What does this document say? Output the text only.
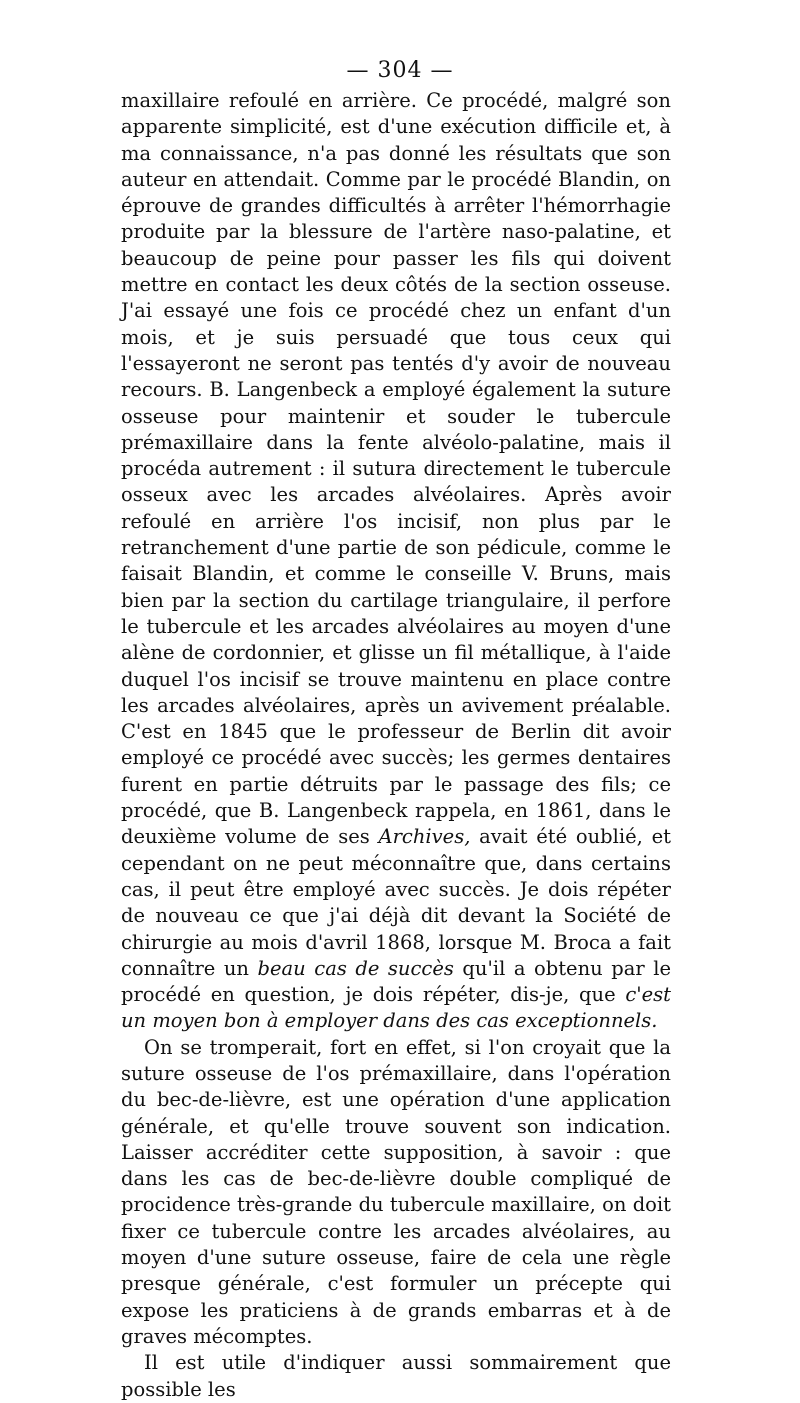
— 304 —

maxillaire refoulé en arrière. Ce procédé, malgré son apparente simplicité, est d'une exécution difficile et, à ma connaissance, n'a pas donné les résultats que son auteur en attendait. Comme par le procédé Blandin, on éprouve de grandes difficultés à arrêter l'hémorrhagie produite par la blessure de l'artère naso-palatine, et beaucoup de peine pour passer les fils qui doivent mettre en contact les deux côtés de la section osseuse. J'ai essayé une fois ce procédé chez un enfant d'un mois, et je suis persuadé que tous ceux qui l'essayeront ne seront pas tentés d'y avoir de nouveau recours. B. Langenbeck a employé également la suture osseuse pour maintenir et souder le tubercule prémaxillaire dans la fente alvéolo-palatine, mais il procéda autrement : il sutura directement le tubercule osseux avec les arcades alvéolaires. Après avoir refoulé en arrière l'os incisif, non plus par le retranchement d'une partie de son pédicule, comme le faisait Blandin, et comme le conseille V. Bruns, mais bien par la section du cartilage triangulaire, il perfore le tubercule et les arcades alvéolaires au moyen d'une alène de cordonnier, et glisse un fil métallique, à l'aide duquel l'os incisif se trouve maintenu en place contre les arcades alvéolaires, après un avivement préalable. C'est en 1845 que le professeur de Berlin dit avoir employé ce procédé avec succès; les germes dentaires furent en partie détruits par le passage des fils; ce procédé, que B. Langenbeck rappela, en 1861, dans le deuxième volume de ses Archives, avait été oublié, et cependant on ne peut méconnaître que, dans certains cas, il peut être employé avec succès. Je dois répéter de nouveau ce que j'ai déjà dit devant la Société de chirurgie au mois d'avril 1868, lorsque M. Broca a fait connaître un beau cas de succès qu'il a obtenu par le procédé en question, je dois répéter, dis-je, que c'est un moyen bon à employer dans des cas exceptionnels.

On se tromperait, fort en effet, si l'on croyait que la suture osseuse de l'os prémaxillaire, dans l'opération du bec-de-lièvre, est une opération d'une application générale, et qu'elle trouve souvent son indication. Laisser accréditer cette supposition, à savoir : que dans les cas de bec-de-lièvre double compliqué de procidence très-grande du tubercule maxillaire, on doit fixer ce tubercule contre les arcades alvéolaires, au moyen d'une suture osseuse, faire de cela une règle presque générale, c'est formuler un précepte qui expose les praticiens à de grands embarras et à de graves mécomptes.

Il est utile d'indiquer aussi sommairement que possible les
